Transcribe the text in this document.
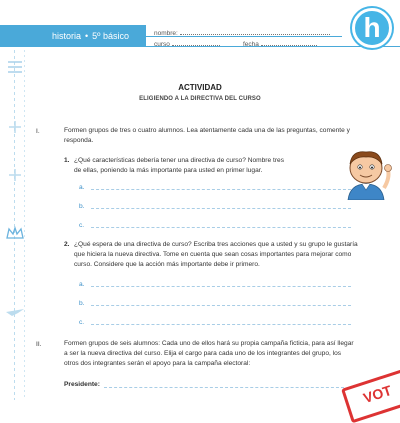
historia • 5º básico	nombre:
curso	fecha
h
ACTIVIDAD
ELIGIENDO A LA DIRECTIVA DEL CURSO
I.	Formen grupos de tres o cuatro alumnos. Lea atentamente cada una de las preguntas, comente y
responda.
1. ¿Qué características debería tener una directiva de curso? Nombre tres
de ellas, poniendo la más importante para usted en primer lugar.
a.
b.
c.
2. ¿Qué espera de una directiva de curso? Escriba tres acciones que a usted y su grupo le gustaría
que hiciera la nueva directiva. Tome en cuenta que sean cosas importantes para mejorar como
curso. Considere que la acción más importante debe ir primero.
a.
b.
c.
II.	Formen grupos de seis alumnos: Cada uno de ellos hará su propia campaña ficticia, para así llegar
a ser la nueva directiva del curso. Elija el cargo para cada uno de los integrantes del grupo, los
otros dos integrantes serán el apoyo para la campaña electoral:
Presidente:	VOT
